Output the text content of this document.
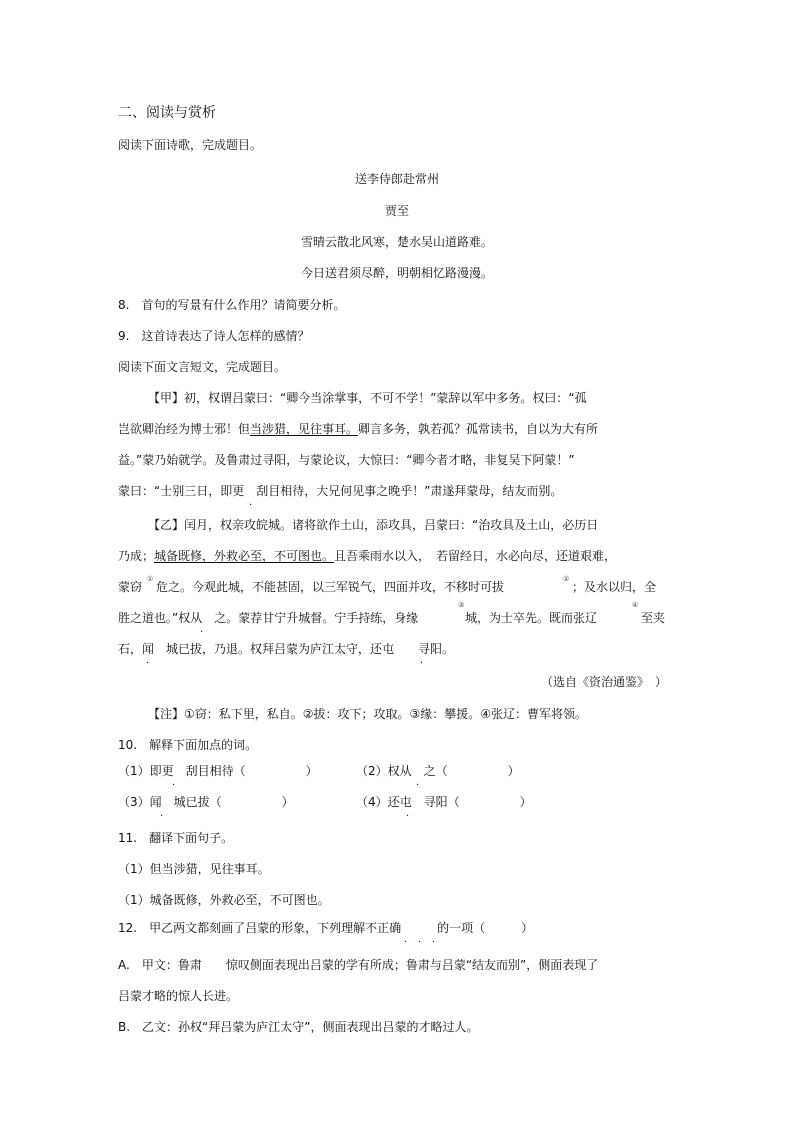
二、阅读与赏析
阅读下面诗歌，完成题目。
送李侍郎赴常州
贾至
雪晴云散北风寒，楚水吴山道路难。
今日送君须尽醉，明朝相忆路漫漫。
8.　首句的写景有什么作用？请简要分析。
9.　这首诗表达了诗人怎样的感情？
阅读下面文言短文，完成题目。
【甲】初，权谓吕蒙曰：“卿今当涂掌事，不可不学！”蒙辞以军中多务。权曰：“孤
岂欲卿治经为博士邪！但当涉猎，见往事耳。卿言多务，孰若孤？孤常读书，自以为大有所
益。”蒙乃始就学。及鲁肃过寻阳，与蒙论议，大惊曰：“卿今者才略，非复吴下阿蒙！”
蒙曰：“士别三日，即更　刮目相待，大兄何见事之晚乎！”肃遂拜蒙母，结友而别。
.
【乙】闰月，权亲攻皖城。诸将欲作土山，添攻具，吕蒙曰：“治攻具及土山，必历日
乃成；城备既修，外救必至，不可图也。且吾乘雨水以入，　若留经日，水必向尽，还道艰难，
蒙窃
①
危之。今观此城，不能甚固，以三军锐气，四面并攻，不移时可拔
②
；及水以归，全
胜之道也。”权从　之。蒙荐甘宁升城督。宁手持练，身缘
.
③
城，为士卒先。既而张辽
④
至夹
石，闻　城已拔，乃退。权拜吕蒙为庐江太守，还屯　　寻阳。
.	.
（选自《资治通鉴》　）
【注】①窃：私下里，私自。②拔：攻下；攻取。③缘：攀援。④张辽：曹军将领。
10.　解释下面加点的词。
（1）即更　刮目相待（　　　　　）	（2）权从　之（　　　　　）
.	.
（3）闻　城已拔（　　　　　）	（4）还屯　寻阳（　　　　　）
.	.
11.　翻译下面句子。
（1）但当涉猎，见往事耳。
（1）城备既修，外救必至，不可图也。
12.　甲乙两文都刻画了吕蒙的形象，下列理解不正确　　　的一项（　　　）
. . .
A.　甲文：鲁肃　　惊叹侧面表现出吕蒙的学有所成；鲁肃与吕蒙“结友而别”，侧面表现了
吕蒙才略的惊人长进。
B.　乙文：孙权“拜吕蒙为庐江太守”，侧面表现出吕蒙的才略过人。
